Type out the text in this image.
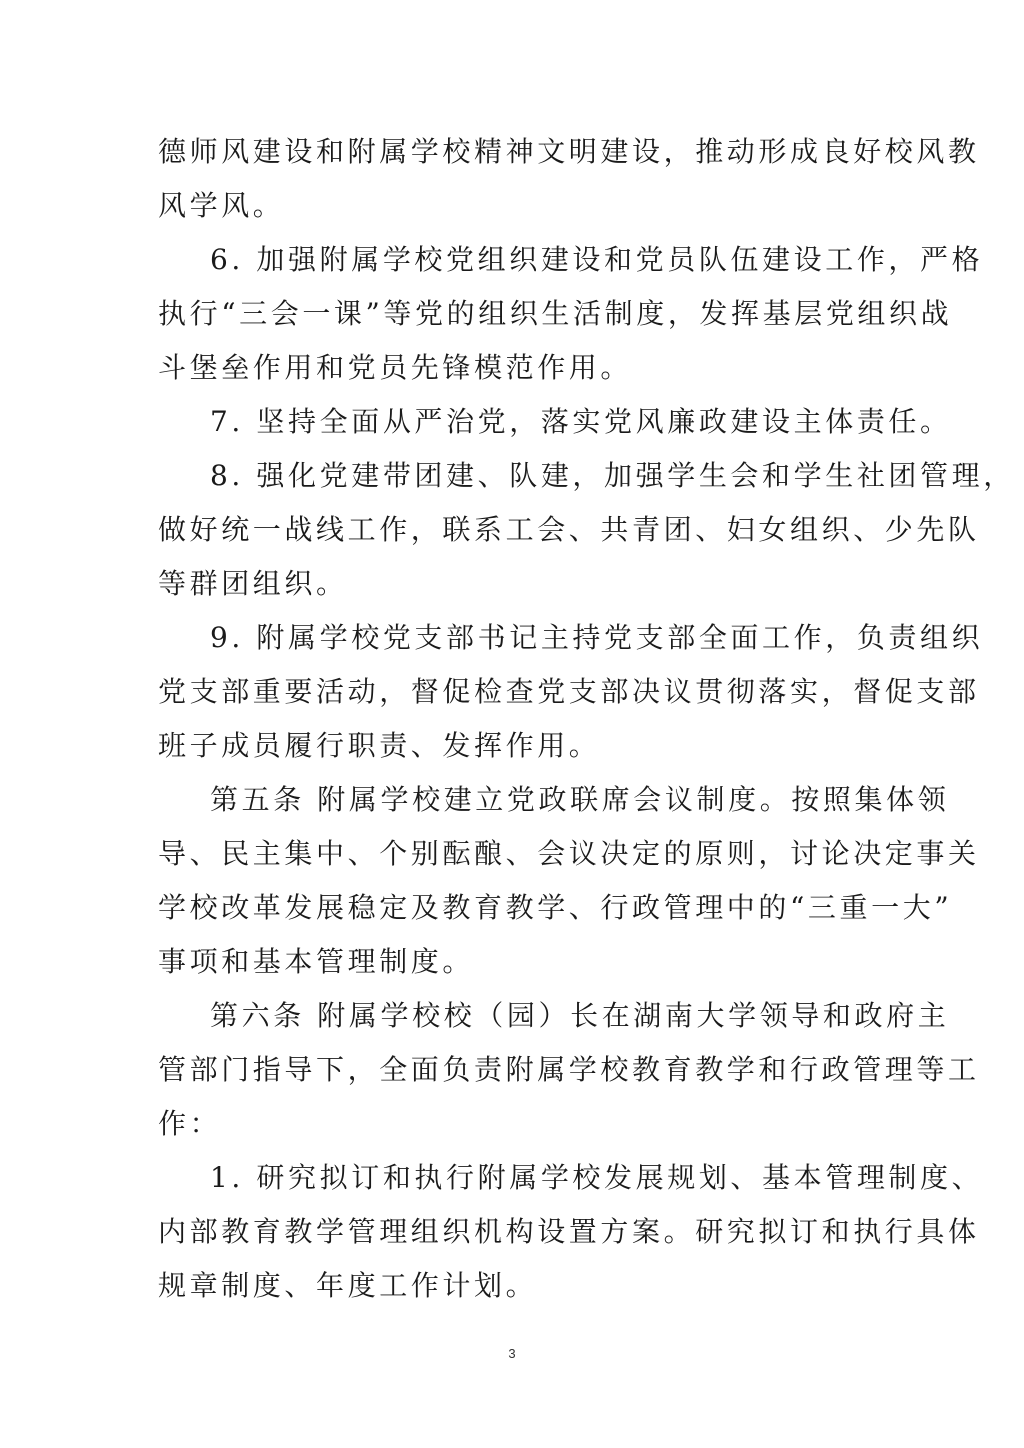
德师风建设和附属学校精神文明建设，推动形成良好校风教
风学风。
6. 加强附属学校党组织建设和党员队伍建设工作，严格
执行“三会一课”等党的组织生活制度，发挥基层党组织战
斗堡垒作用和党员先锋模范作用。
7. 坚持全面从严治党，落实党风廉政建设主体责任。
8. 强化党建带团建、队建，加强学生会和学生社团管理，
做好统一战线工作，联系工会、共青团、妇女组织、少先队
等群团组织。
9. 附属学校党支部书记主持党支部全面工作，负责组织
党支部重要活动，督促检查党支部决议贯彻落实，督促支部
班子成员履行职责、发挥作用。
第五条 附属学校建立党政联席会议制度。按照集体领
导、民主集中、个别酝酿、会议决定的原则，讨论决定事关
学校改革发展稳定及教育教学、行政管理中的“三重一大”
事项和基本管理制度。
第六条 附属学校校（园）长在湖南大学领导和政府主
管部门指导下，全面负责附属学校教育教学和行政管理等工
作：
1. 研究拟订和执行附属学校发展规划、基本管理制度、
内部教育教学管理组织机构设置方案。研究拟订和执行具体
规章制度、年度工作计划。
3
